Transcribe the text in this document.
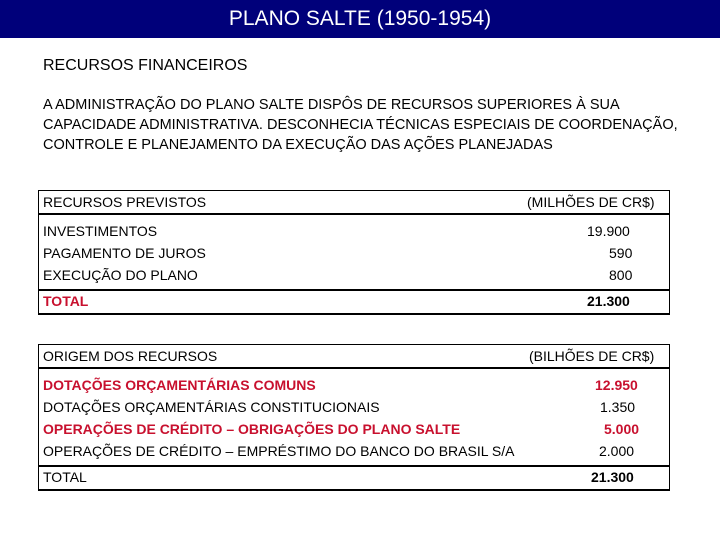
PLANO SALTE (1950-1954)
RECURSOS FINANCEIROS

A ADMINISTRAÇÃO DO PLANO SALTE DISPÔS DE RECURSOS SUPERIORES À SUA CAPACIDADE ADMINISTRATIVA. DESCONHECIA TÉCNICAS ESPECIAIS DE COORDENAÇÃO, CONTROLE E PLANEJAMENTO DA EXECUÇÃO DAS AÇÕES PLANEJADAS

RECURSOS PREVISTOS	(MILHÕES DE CR$)
INVESTIMENTOS	19.900
PAGAMENTO DE JUROS	590
EXECUÇÃO DO PLANO	800
TOTAL	21.300
ORIGEM DOS RECURSOS	(BILHÕES DE CR$)
DOTAÇÕES ORÇAMENTÁRIAS COMUNS	12.950
DOTAÇÕES ORÇAMENTÁRIAS CONSTITUCIONAIS	1.350
OPERAÇÕES DE CRÉDITO – OBRIGAÇÕES DO PLANO SALTE	5.000
OPERAÇÕES DE CRÉDITO – EMPRÉSTIMO DO BANCO DO BRASIL S/A	2.000
TOTAL	21.300
